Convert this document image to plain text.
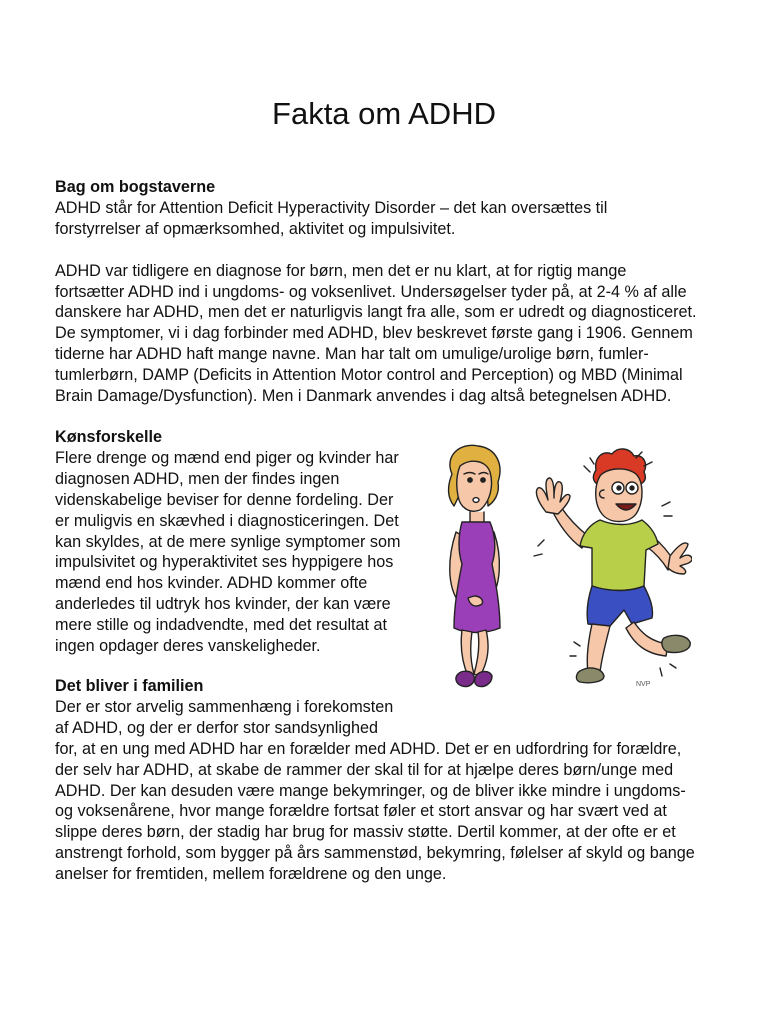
Fakta om ADHD
Bag om bogstaverne
ADHD står for Attention Deficit Hyperactivity Disorder – det kan oversættes til
forstyrrelser af opmærksomhed, aktivitet og impulsivitet.
ADHD var tidligere en diagnose for børn, men det er nu klart, at for rigtig mange
fortsætter ADHD ind i ungdoms- og voksenlivet. Undersøgelser tyder på, at 2-4 % af alle
danskere har ADHD, men det er naturligvis langt fra alle, som er udredt og diagnosticeret.
De symptomer, vi i dag forbinder med ADHD, blev beskrevet første gang i 1906. Gennem
tiderne har ADHD haft mange navne. Man har talt om umulige/urolige børn, fumler-
tumlerbørn, DAMP (Deficits in Attention Motor control and Perception) og MBD (Minimal
Brain Damage/Dysfunction). Men i Danmark anvendes i dag altså betegnelsen ADHD.
Kønsforskelle
Flere drenge og mænd end piger og kvinder har
diagnosen ADHD, men der findes ingen
videnskabelige beviser for denne fordeling. Der
er muligvis en skævhed i diagnosticeringen. Det
kan skyldes, at de mere synlige symptomer som
impulsivitet og hyperaktivitet ses hyppigere hos
mænd end hos kvinder. ADHD kommer ofte
anderledes til udtryk hos kvinder, der kan være
mere stille og indadvendte, med det resultat at
ingen opdager deres vanskeligheder.
Det bliver i familien
Der er stor arvelig sammenhæng i forekomsten
af ADHD, og der er derfor stor sandsynlighed
for, at en ung med ADHD har en forælder med ADHD. Det er en udfordring for forældre,
der selv har ADHD, at skabe de rammer der skal til for at hjælpe deres børn/unge med
ADHD. Der kan desuden være mange bekymringer, og de bliver ikke mindre i ungdoms-
og voksenårene, hvor mange forældre fortsat føler et stort ansvar og har svært ved at
slippe deres børn, der stadig har brug for massiv støtte. Dertil kommer, at der ofte er et
anstrengt forhold, som bygger på års sammenstød, bekymring, følelser af skyld og bange
anelser for fremtiden, mellem forældrene og den unge.
NVP
